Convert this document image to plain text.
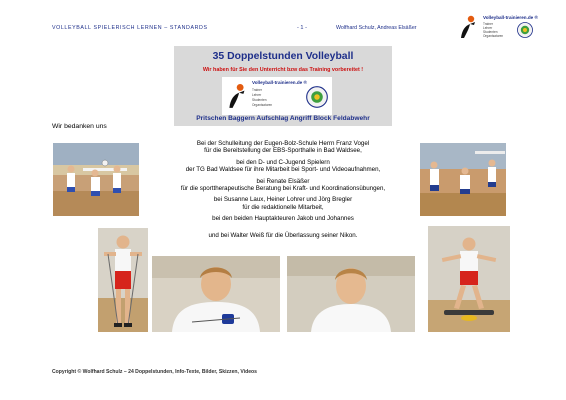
VOLLEYBALL SPIELERISCH LERNEN – STANDARDS	- 1 -	Wolfhard Schulz, Andreas Elsäßer
Volleyball-trainieren.de ®
Trainer
Lehrer
Studenten
Organisatoren
35 Doppelstunden Volleyball
Wir haben für Sie den Unterricht bzw das Training vorbereitet !
Volleyball-trainieren.de ®
Trainer
Lehrer
Studenten
Organisatoren
Pritschen Baggern Aufschlag Angriff Block Feldabwehr
Wir bedanken uns

Bei der Schulleitung der Eugen-Bolz-Schule Herrn Franz Vogel

für die Bereitstellung der EBS-Sporthalle in Bad Waldsee,

bei den D- und C-Jugend Spielern

der TG Bad Waldsee für ihre Mitarbeit bei Sport- und Videoaufnahmen,

bei Renate Elsäßer

für die sporttherapeutische Beratung bei Kraft- und Koordinationsübungen,

bei Susanne Laux, Heiner Lohrer und Jörg Bregler

für die redaktionelle Mitarbeit,

bei den beiden Hauptakteuren Jakob und Johannes

und bei Walter Weiß für die Überlassung seiner Nikon.

Copyright © Wolfhard Schulz – 24 Doppelstunden, Info-Texte, Bilder, Skizzen, Videos
